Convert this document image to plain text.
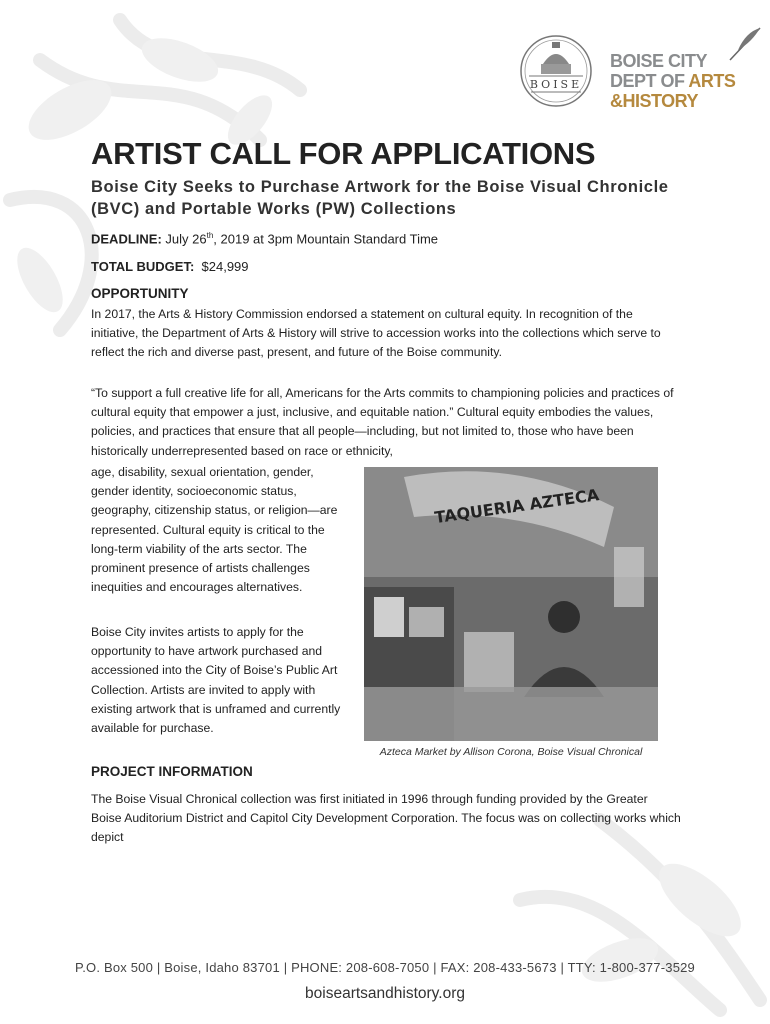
BOISE
BOISE CITY
DEPT OF ARTS
&HISTORY
ARTIST CALL FOR APPLICATIONS
Boise City Seeks to Purchase Artwork for the Boise Visual Chronicle (BVC) and Portable Works (PW) Collections
DEADLINE: July 26th, 2019 at 3pm Mountain Standard Time
TOTAL BUDGET: $24,999
OPPORTUNITY

In 2017, the Arts & History Commission endorsed a statement on cultural equity. In recognition of the initiative, the Department of Arts & History will strive to accession works into the collections which serve to reflect the rich and diverse past, present, and future of the Boise community.

“To support a full creative life for all, Americans for the Arts commits to championing policies and practices of cultural equity that empower a just, inclusive, and equitable nation.” Cultural equity embodies the values, policies, and practices that ensure that all people—including, but not limited to, those who have been historically underrepresented based on race or ethnicity,

age, disability, sexual orientation, gender, gender identity, socioeconomic status, geography, citizenship status, or religion—are represented. Cultural equity is critical to the long-term viability of the arts sector. The prominent presence of artists challenges inequities and encourages alternatives.

Boise City invites artists to apply for the opportunity to have artwork purchased and accessioned into the City of Boise’s Public Art Collection. Artists are invited to apply with existing artwork that is unframed and currently available for purchase.

TAQUERIA AZTECA
Azteca Market by Allison Corona, Boise Visual Chronical
PROJECT INFORMATION

The Boise Visual Chronical collection was first initiated in 1996 through funding provided by the Greater Boise Auditorium District and Capitol City Development Corporation. The focus was on collecting works which depict

P.O. Box 500 | Boise, Idaho 83701 | PHONE: 208-608-7050 | FAX: 208-433-5673 | TTY: 1-800-377-3529
boiseartsandhistory.org
